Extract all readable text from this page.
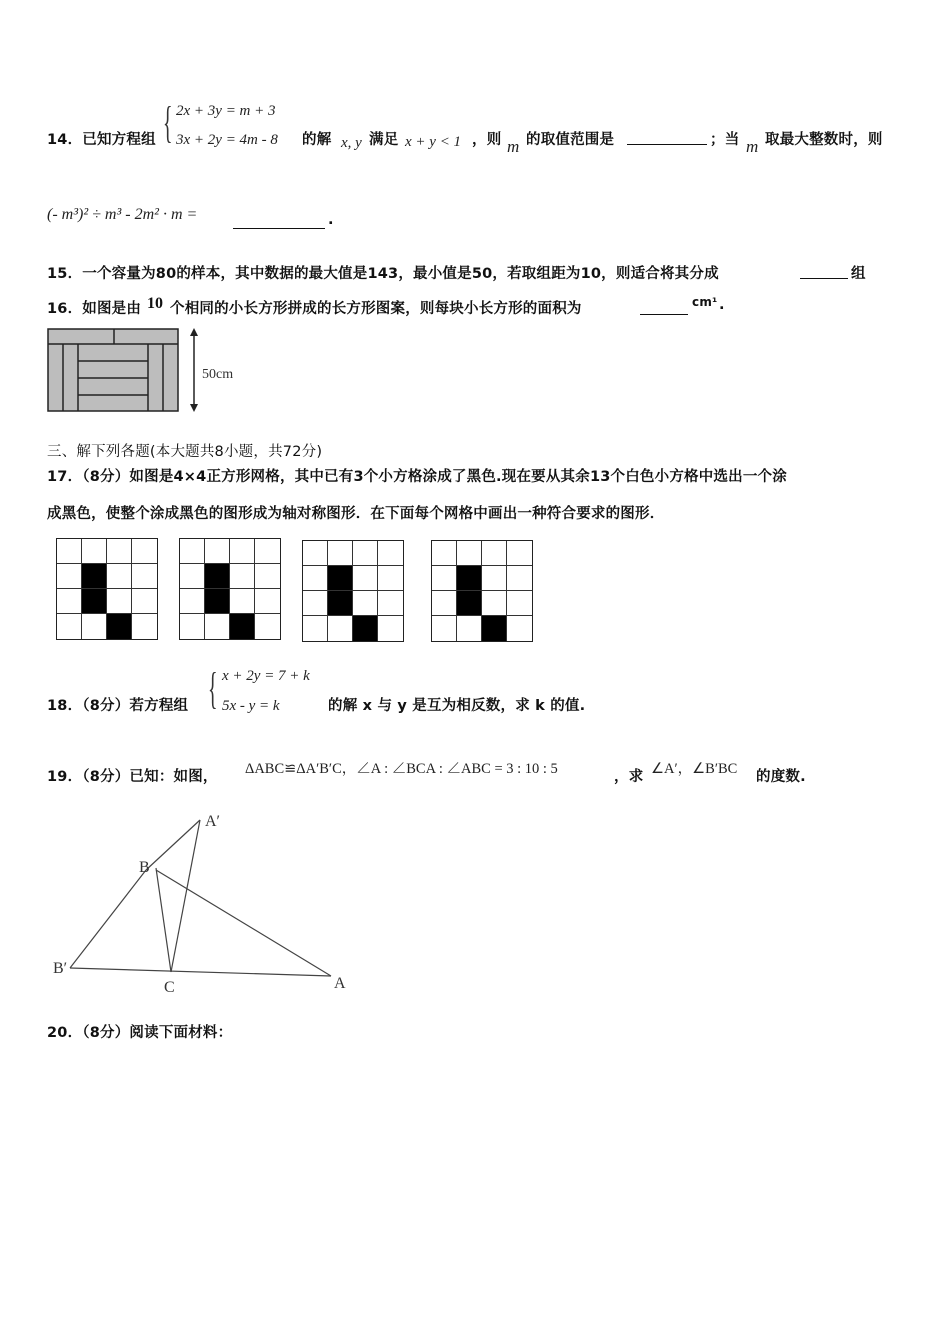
14．已知方程组 { 2x + 3y = m + 3
3x + 2y = 4m - 8 的解 x, y 满足 x + y < 1 ，则 m 的取值范围是	；当 m 取最大整数时，则
(- m³)² ÷ m³ - 2m² · m =	.
15．一个容量为80的样本，其中数据的最大值是143，最小值是50，若取组距为10，则适合将其分成	组
16．如图是由 10 个相同的小长方形拼成的长方形图案，则每块小长方形的面积为	cm¹ .
50cm
三、解下列各题(本大题共8小题，共72分)
17．（8分）如图是4×4正方形网格，其中已有3个小方格涂成了黑色.现在要从其余13个白色小方格中选出一个涂
成黑色，使整个涂成黑色的图形成为轴对称图形．在下面每个网格中画出一种符合要求的图形．
18．（8分）若方程组 { x + 2y = 7 + k
5x - y = k	的解 x 与 y 是互为相反数，求 k 的值.
19．（8分）已知：如图， ΔABC≌ΔA′B′C，∠A : ∠BCA : ∠ABC = 3 : 10 : 5	，求 ∠A′，∠B′BC 的度数.
A′
B
B′
C	A
20．（8分）阅读下面材料：
